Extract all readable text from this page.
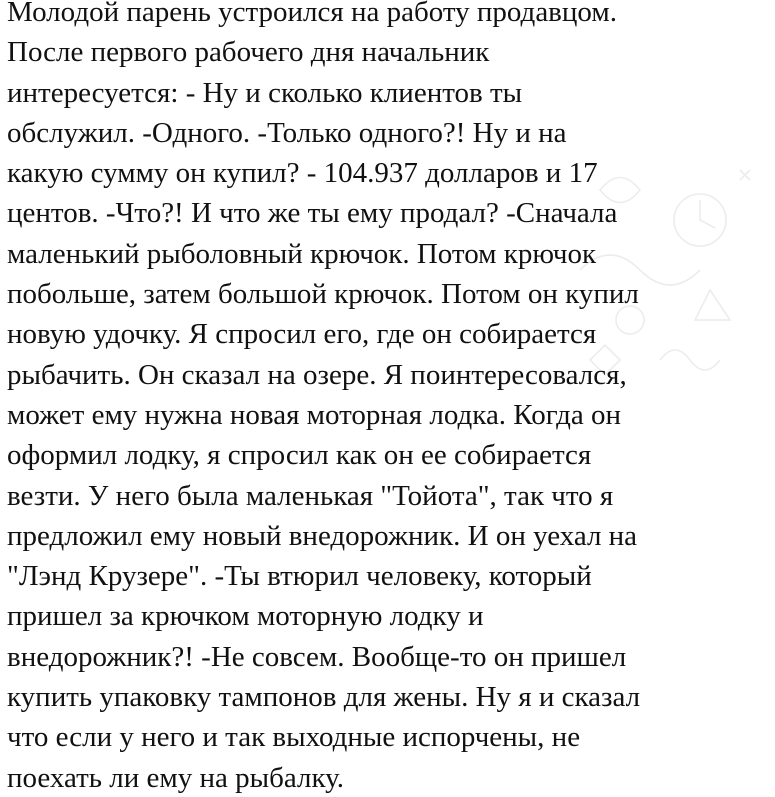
Молодой парень устроился на работу продавцом.
После первого рабочего дня начальник
интересуется: - Ну и сколько клиентов ты
обслужил. -Одного. -Только одного?! Ну и на
какую сумму он купил? - 104.937 долларов и 17
центов. -Что?! И что же ты ему продал? -Сначала
маленький рыболовный крючок. Потом крючок
побольше, затем большой крючок. Потом он купил
новую удочку. Я спросил его, где он собирается
рыбачить. Он сказал на озере. Я поинтересовался,
может ему нужна новая моторная лодка. Когда он
оформил лодку, я спросил как он ее собирается
везти. У него была маленькая "Тойота", так что я
предложил ему новый внедорожник. И он уехал на
"Лэнд Крузере". -Ты втюрил человеку, который
пришел за крючком моторную лодку и
внедорожник?! -Не совсем. Вообще-то он пришел
купить упаковку тампонов для жены. Ну я и сказал
что если у него и так выходные испорчены, не
поехать ли ему на рыбалку.
